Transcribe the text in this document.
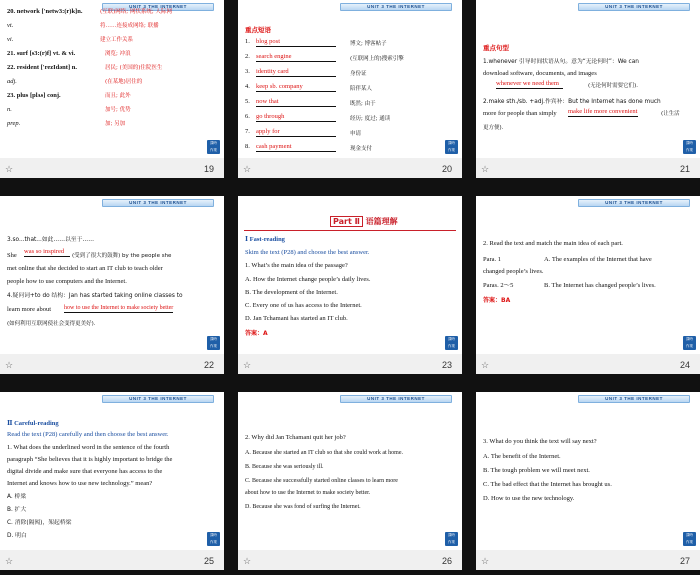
UNIT 3 THE INTERNET
20. network ['netw3:(r)k]n.	(互联)网络; 网状系统; 人际网
vt.	将……连接成网络; 联播
vi.	建立工作关系
21. surf [s3:(r)f] vt. & vi.	浏览; 冲浪
22. resident ['rezIdənt] n.	居民; (美国的)住院医生
adj.	(在某地)居住的
23. plus [plʌs] conj.	而且; 此外
n.	加号; 优势
prep.	加; 另加
課時
作業
☆	19
UNIT 3 THE INTERNET
重点短语
1. blog post	博文; 博客帖子
2. search engine	(互联网上的)搜索引擎
3. identity card	身份证
4. keep sb. company	陪伴某人
5. now that	既然; 由于
6. go through	经历; 度过; 通读
7. apply for	申请
8. cash payment	现金支付
課時
作業
☆	20
UNIT 3 THE INTERNET
重点句型
1.whenever 引导时间状语从句。意为“无论何时”：We can
download software, documents, and images
whenever we need them	(无论何时需要它们).
2.make sth./sb. +adj.作宾补：But the Internet has done much
more for people than simply make life more convenient	(让生活
更方便).
課時
作業
☆	21
UNIT 3 THE INTERNET
3.so...that...如此……以至于……
She
was so inspired
(受到了很大的鼓舞) by the people she
met online that she decided to start an IT club to teach older
people how to use computers and the Internet.
4.疑问词+to do 结构：Jan has started taking online classes to
learn more about how to use the Internet to make society better
(如何利用互联网使社会变得更美好).
課時
作業
☆	22
Part Ⅱ 语篇理解
Ⅰ Fast-reading
Skim the text (P28) and choose the best answer.
1. What’s the main idea of the passage?
A. How the Internet change people’s daily lives.
B. The development of the Internet.
C. Every one of us has access to the Internet.
D. Jan Tchamani has started an IT club.
答案：A
課時
作業
☆	23
UNIT 3 THE INTERNET
2. Read the text and match the main idea of each part.
Para. 1	A. The examples of the Internet that have
changed people’s lives.
Paras. 2～5	B. The Internet has changed people’s lives.
答案：BA
課時
作業
☆	24
UNIT 3 THE INTERNET
Ⅱ Careful-reading
Read the text (P28) carefully and then choose the best answer.
1. What does the underlined word in the sentence of the fourth
paragraph “She believes that it is highly important to bridge the
digital divide and make sure that everyone has access to the
Internet and knows how to use new technology.” mean?
A. 桥梁
B. 扩大
C. 消除(隔阂)，架起桥梁
D. 明白	課時
作業
☆	25
UNIT 3 THE INTERNET
2. Why did Jan Tchamani quit her job?
A. Because she started an IT club so that she could work at home.
B. Because she was seriously ill.
C. Because she successfully started online classes to learn more
about how to use the Internet to make society better.
D. Because she was fond of surfing the Internet.
課時
作業
☆	26
UNIT 3 THE INTERNET
3. What do you think the text will say next?
A. The benefit of the Internet.
B. The tough problem we will meet next.
C. The bad effect that the Internet has brought us.
D. How to use the new technology.
課時
作業
☆	27
